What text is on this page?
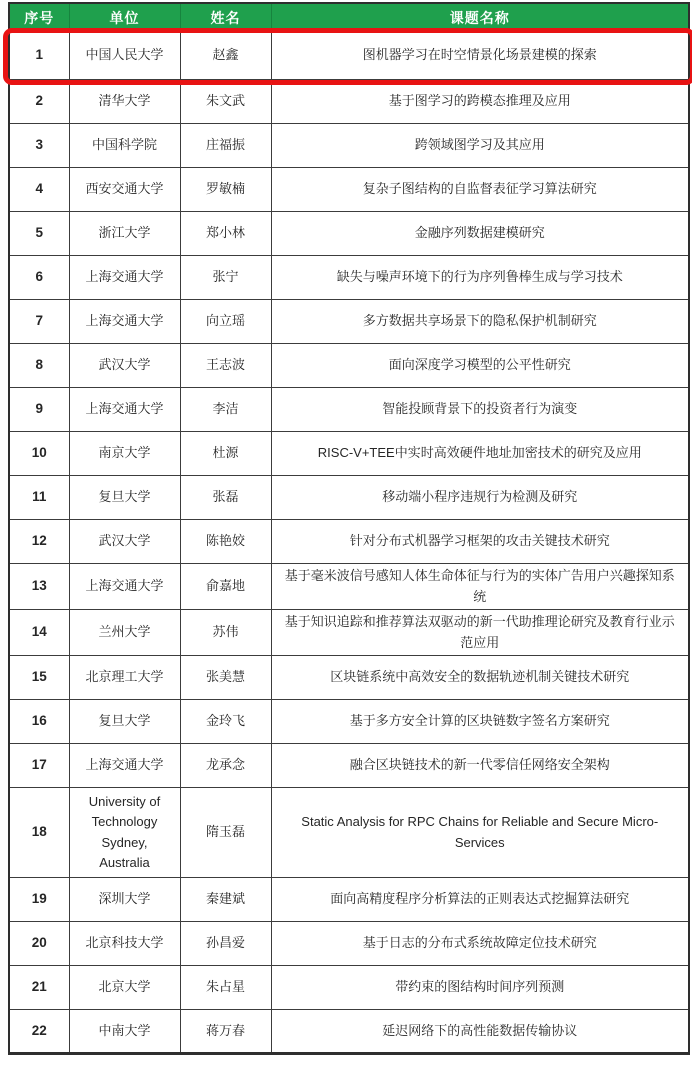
序号	单位	姓名	课题名称
1	中国人民大学	赵鑫	图机器学习在时空情景化场景建模的探索
2	清华大学	朱文武	基于图学习的跨模态推理及应用
3	中国科学院	庄福振	跨领域图学习及其应用
4	西安交通大学	罗敏楠	复杂子图结构的自监督表征学习算法研究
5	浙江大学	郑小林	金融序列数据建模研究
6	上海交通大学	张宁	缺失与噪声环境下的行为序列鲁棒生成与学习技术
7	上海交通大学	向立瑶	多方数据共享场景下的隐私保护机制研究
8	武汉大学	王志波	面向深度学习模型的公平性研究
9	上海交通大学	李洁	智能投顾背景下的投资者行为演变
10	南京大学	杜源	RISC-V+TEE中实时高效硬件地址加密技术的研究及应用
11	复旦大学	张磊	移动端小程序违规行为检测及研究
12	武汉大学	陈艳姣	针对分布式机器学习框架的攻击关键技术研究
13	上海交通大学	俞嘉地	基于毫米波信号感知人体生命体征与行为的实体广告用户兴趣探知系统
14	兰州大学	苏伟	基于知识追踪和推荐算法双驱动的新一代助推理论研究及教育行业示范应用
15	北京理工大学	张美慧	区块链系统中高效安全的数据轨迹机制关键技术研究
16	复旦大学	金玲飞	基于多方安全计算的区块链数字签名方案研究
17	上海交通大学	龙承念	融合区块链技术的新一代零信任网络安全架构
18	University of Technology Sydney, Australia	隋玉磊	Static Analysis for RPC Chains for Reliable and Secure Micro-Services
19	深圳大学	秦建斌	面向高精度程序分析算法的正则表达式挖掘算法研究
20	北京科技大学	孙昌爱	基于日志的分布式系统故障定位技术研究
21	北京大学	朱占星	带约束的图结构时间序列预测
22	中南大学	蒋万春	延迟网络下的高性能数据传输协议
